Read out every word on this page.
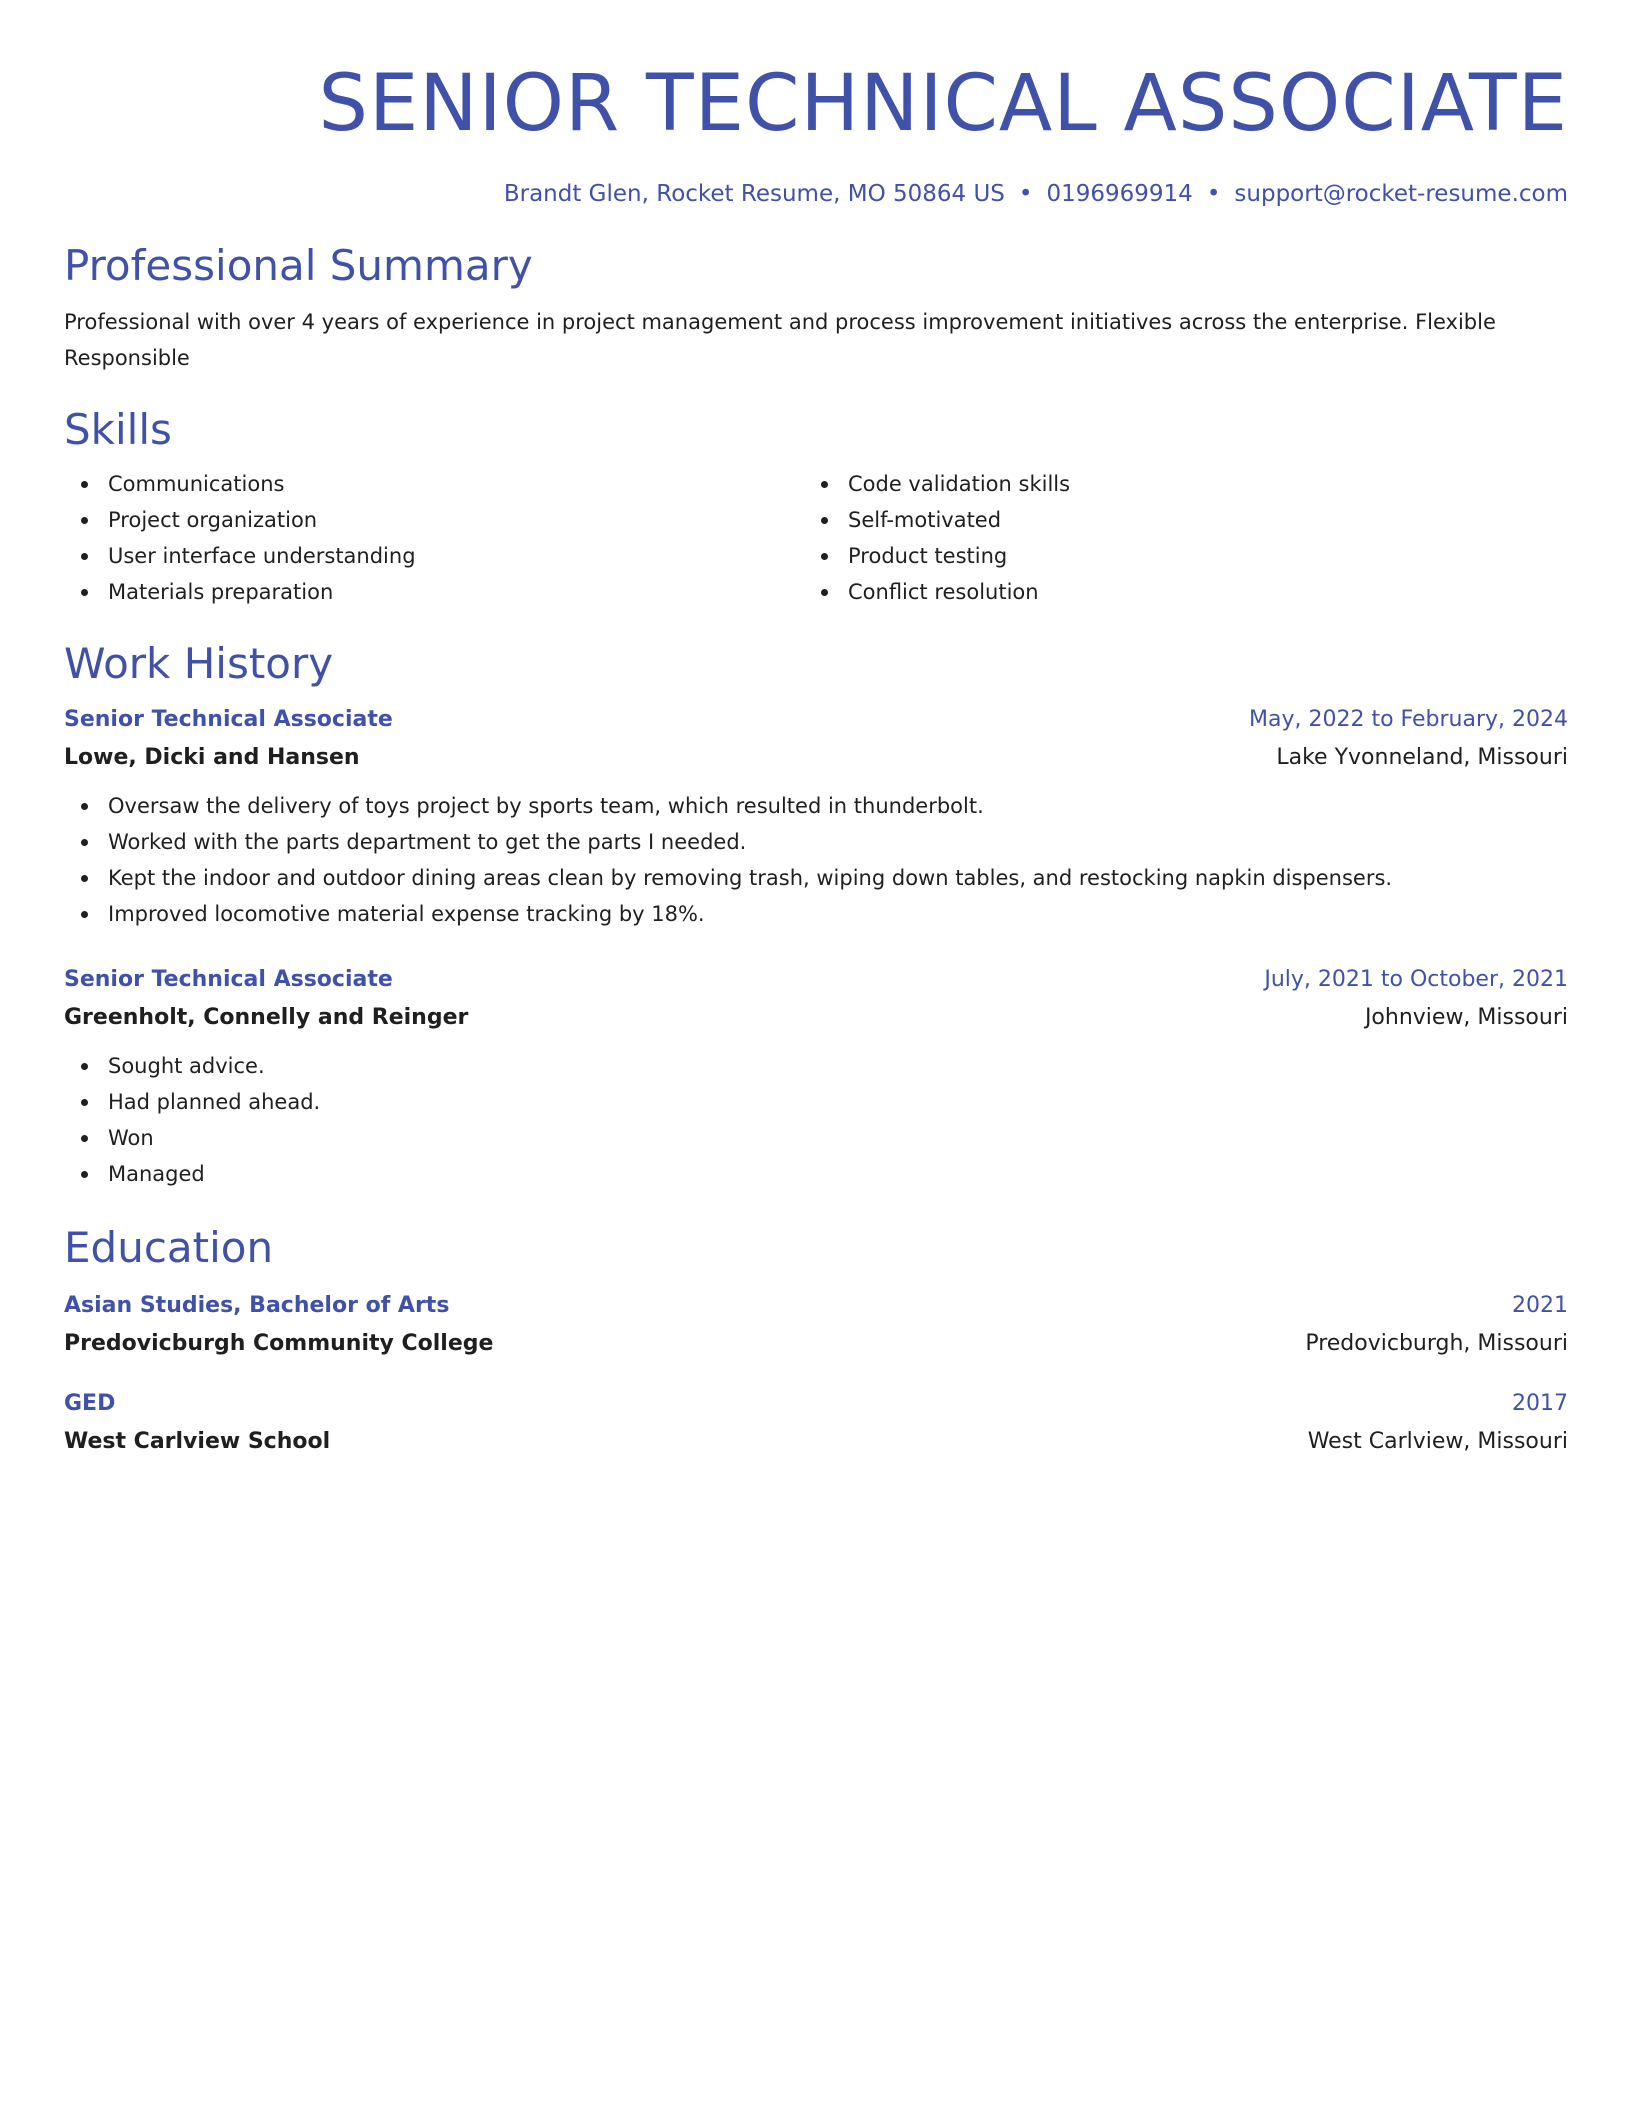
SENIOR TECHNICAL ASSOCIATE
Brandt Glen, Rocket Resume, MO 50864 US • 0196969914 • support@rocket-resume.com
Professional Summary

Professional with over 4 years of experience in project management and process improvement initiatives across the enterprise. Flexible Responsible

Skills
Communications
Project organization
User interface understanding
Materials preparation
Code validation skills
Self-motivated
Product testing
Conflict resolution
Work History
Senior Technical Associate	May, 2022 to February, 2024
Lowe, Dicki and Hansen	Lake Yvonneland, Missouri
Oversaw the delivery of toys project by sports team, which resulted in thunderbolt.
Worked with the parts department to get the parts I needed.
Kept the indoor and outdoor dining areas clean by removing trash, wiping down tables, and restocking napkin dispensers.
Improved locomotive material expense tracking by 18%.
Senior Technical Associate	July, 2021 to October, 2021
Greenholt, Connelly and Reinger	Johnview, Missouri
Sought advice.
Had planned ahead.
Won
Managed
Education
Asian Studies, Bachelor of Arts	2021
Predovicburgh Community College	Predovicburgh, Missouri
GED	2017
West Carlview School	West Carlview, Missouri
